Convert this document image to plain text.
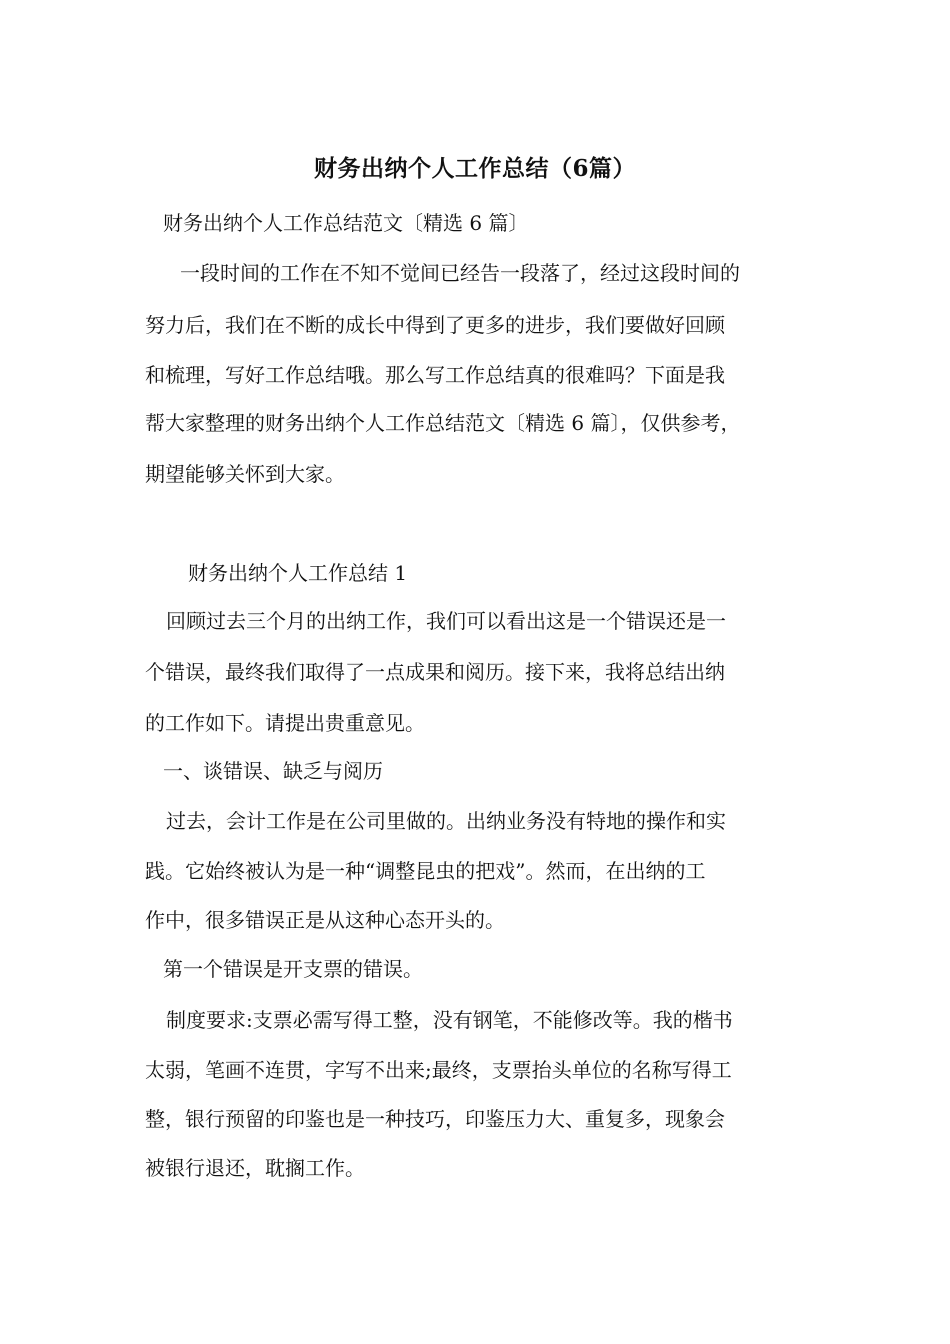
财务出纳个人工作总结（6篇）
财务出纳个人工作总结范文〔精选 6 篇〕
一段时间的工作在不知不觉间已经告一段落了，经过这段时间的
努力后，我们在不断的成长中得到了更多的进步，我们要做好回顾
和梳理，写好工作总结哦。那么写工作总结真的很难吗？下面是我
帮大家整理的财务出纳个人工作总结范文〔精选 6 篇〕，仅供参考，
期望能够关怀到大家。
财务出纳个人工作总结 1
回顾过去三个月的出纳工作，我们可以看出这是一个错误还是一
个错误，最终我们取得了一点成果和阅历。接下来，我将总结出纳
的工作如下。请提出贵重意见。
一、谈错误、缺乏与阅历
过去，会计工作是在公司里做的。出纳业务没有特地的操作和实
践。它始终被认为是一种“调整昆虫的把戏”。然而，在出纳的工
作中，很多错误正是从这种心态开头的。
第一个错误是开支票的错误。
制度要求:支票必需写得工整，没有钢笔，不能修改等。我的楷书
太弱，笔画不连贯，字写不出来;最终，支票抬头单位的名称写得工
整，银行预留的印鉴也是一种技巧，印鉴压力大、重复多，现象会
被银行退还，耽搁工作。
